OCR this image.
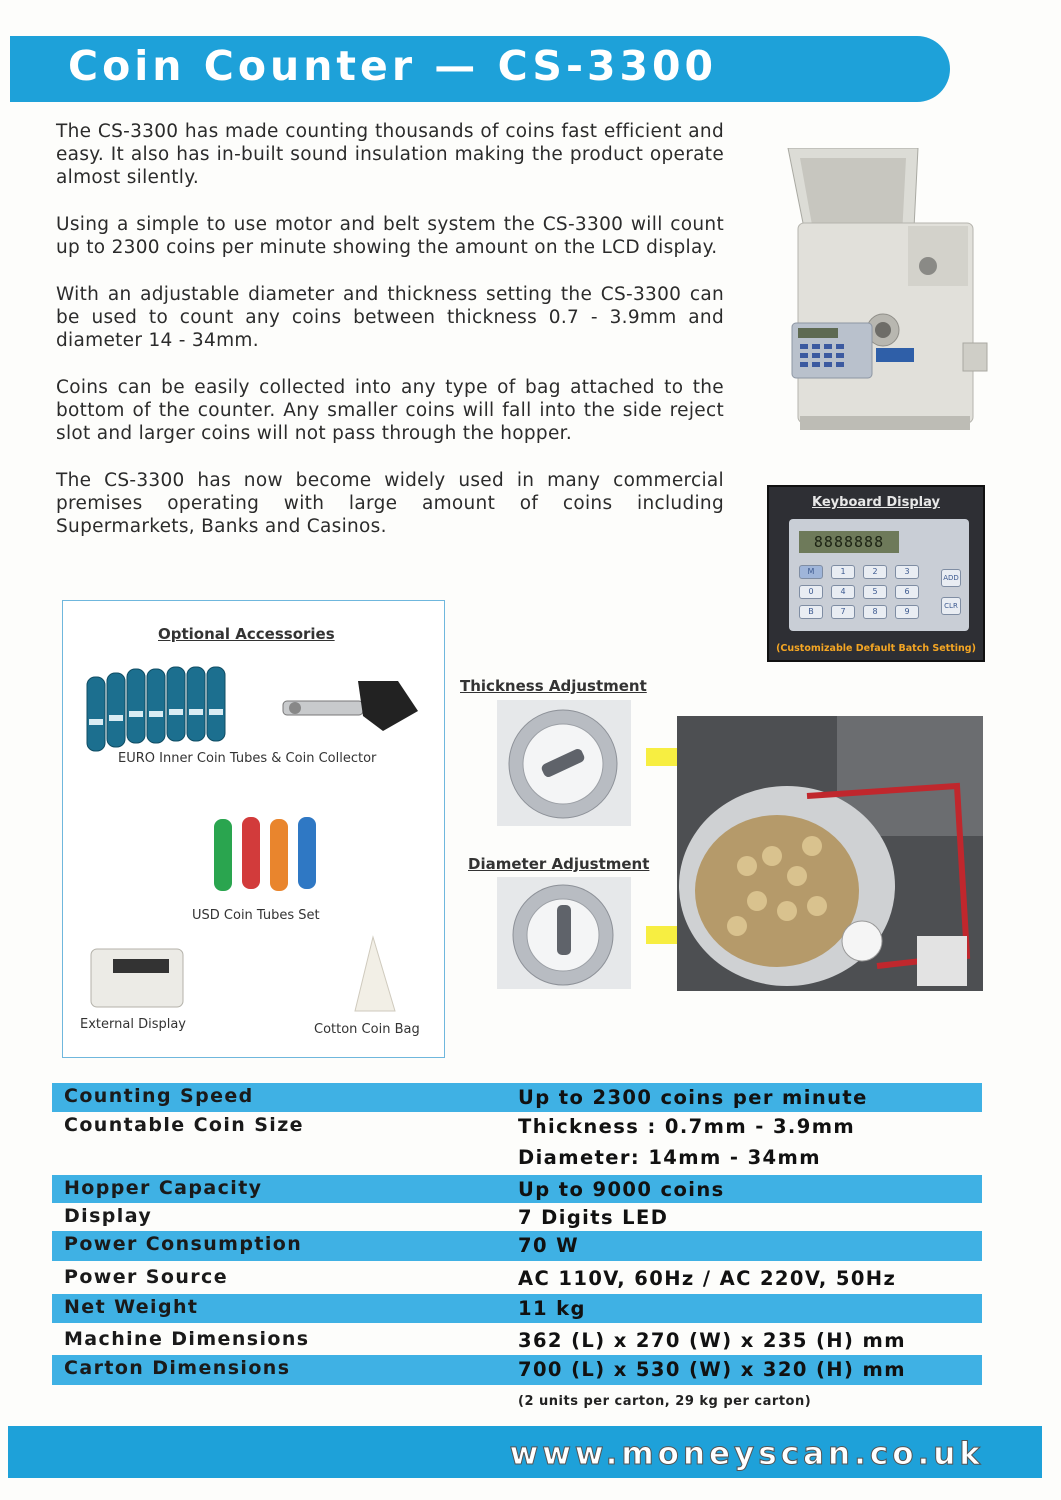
Coin Counter — CS-3300

The CS-3300 has made counting thousands of coins fast efficient and easy. It also has in-built sound insulation making the product operate almost silently.

Using a simple to use motor and belt system the CS-3300 will count up to 2300 coins per minute showing the amount on the LCD display.

With an adjustable diameter and thickness setting the CS-3300 can be used to count any coins between thickness 0.7 - 3.9mm and diameter 14 - 34mm.

Coins can be easily collected into any type of bag attached to the bottom of the counter. Any smaller coins will fall into the side reject slot and larger coins will not pass through the hopper.

The CS-3300 has now become widely used in many commercial premises operating with large amount of coins including Supermarkets, Banks and Casinos.

Keyboard Display
8888888
M	1	2	3
0	4	5	6
B	7	8	9
ADD
CLR
(Customizable Default Batch Setting)
Optional Accessories
EURO Inner Coin Tubes & Coin Collector
USD Coin Tubes Set
External Display	Cotton Coin Bag
Thickness Adjustment
Diameter Adjustment
Counting Speed	Up to 2300 coins per minute
Countable Coin Size	Thickness : 0.7mm - 3.9mm
Diameter: 14mm - 34mm
Hopper Capacity	Up to 9000 coins
Display	7 Digits LED
Power Consumption	70 W
Power Source	AC 110V, 60Hz / AC 220V, 50Hz
Net Weight	11 kg
Machine Dimensions	362 (L) x 270 (W) x 235 (H) mm
Carton Dimensions	700 (L) x 530 (W) x 320 (H) mm
(2 units per carton, 29 kg per carton)
www.moneyscan.co.uk
